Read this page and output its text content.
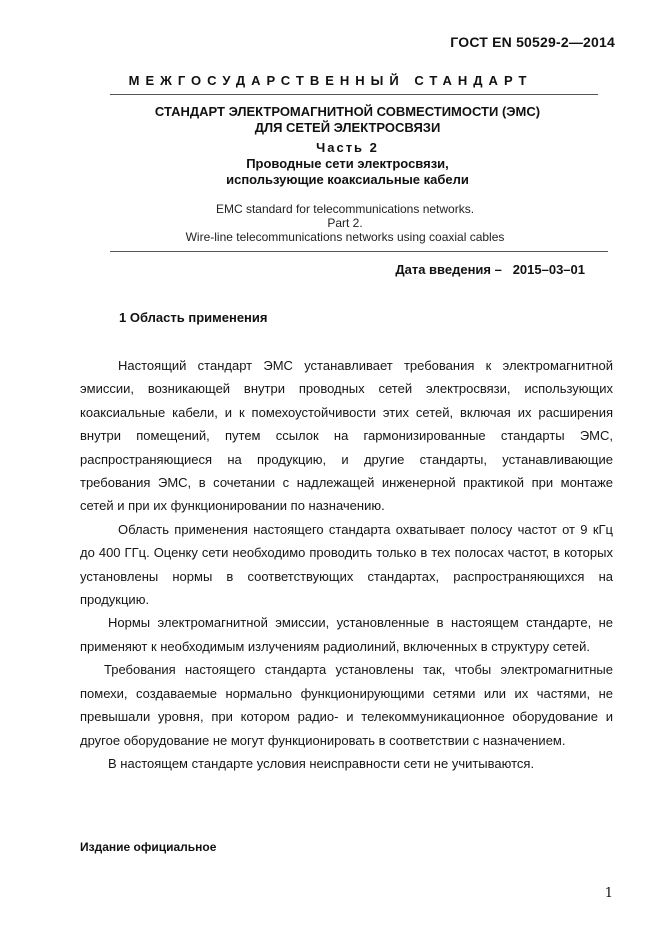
ГОСТ EN 50529-2—2014
МЕЖГОСУДАРСТВЕННЫЙ СТАНДАРТ
СТАНДАРТ ЭЛЕКТРОМАГНИТНОЙ СОВМЕСТИМОСТИ (ЭМС)
ДЛЯ СЕТЕЙ ЭЛЕКТРОСВЯЗИ
Часть 2
Проводные сети электросвязи,
использующие коаксиальные кабели
EMC standard for telecommunications networks.
Part 2.
Wire-line telecommunications networks using coaxial cables
Дата введения – 2015–03–01
1 Область применения

Настоящий стандарт ЭМС устанавливает требования к электромагнитной эмиссии, возникающей внутри проводных сетей электросвязи, использующих коаксиальные кабели, и к помехоустойчивости этих сетей, включая их расширения внутри помещений, путем ссылок на гармонизированные стандарты ЭМС, распространяющиеся на продукцию, и другие стандарты, устанавливающие требования ЭМС, в сочетании с надлежащей инженерной практикой при монтаже сетей и при их функционировании по назначению.

Область применения настоящего стандарта охватывает полосу частот от 9 кГц до 400 ГГц. Оценку сети необходимо проводить только в тех полосах частот, в которых установлены нормы в соответствующих стандартах, распространяющихся на продукцию.

Нормы электромагнитной эмиссии, установленные в настоящем стандарте, не применяют к необходимым излучениям радиолиний, включенных в структуру сетей.

Требования настоящего стандарта установлены так, чтобы электромагнитные помехи, создаваемые нормально функционирующими сетями или их частями, не превышали уровня, при котором радио- и телекоммуникационное оборудование и другое оборудование не могут функционировать в соответствии с назначением.

В настоящем стандарте условия неисправности сети не учитываются.

Издание официальное
1
